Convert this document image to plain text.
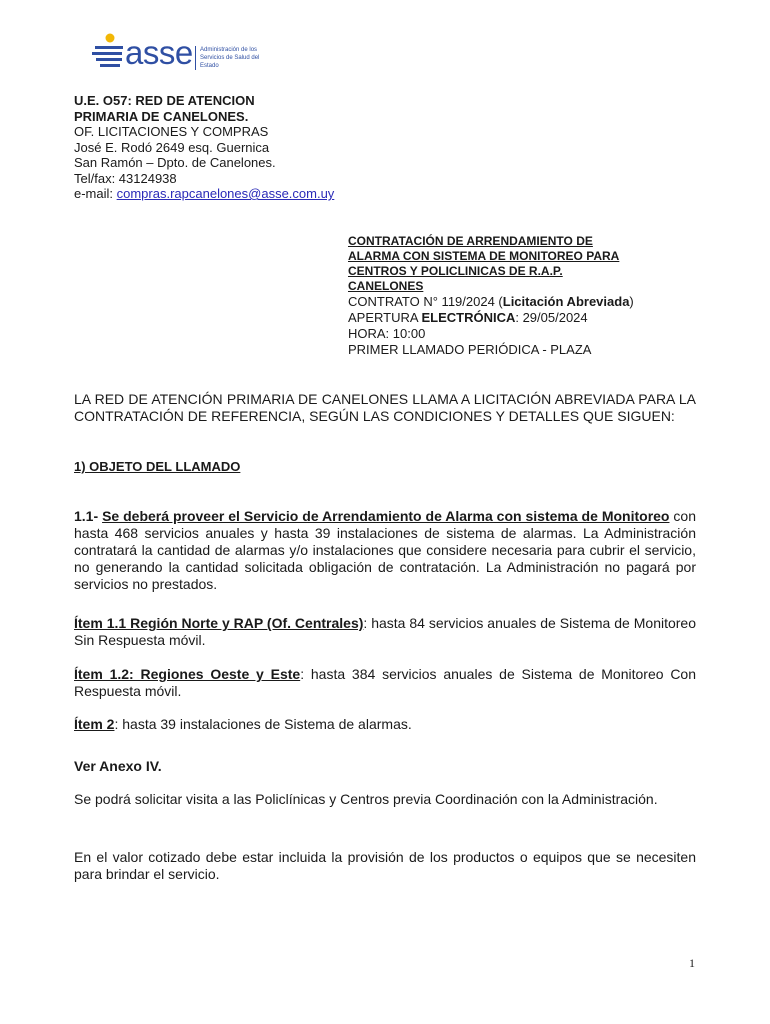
asse Administración de los
Servicios de Salud del Estado
U.E. O57: RED DE ATENCION
PRIMARIA DE CANELONES.
OF. LICITACIONES Y COMPRAS
José E. Rodó 2649 esq. Guernica
San Ramón – Dpto. de Canelones.
Tel/fax: 43124938
e-mail: compras.rapcanelones@asse.com.uy
CONTRATACIÓN DE ARRENDAMIENTO DE
ALARMA CON SISTEMA DE MONITOREO PARA
CENTROS Y POLICLINICAS DE R.A.P.
CANELONES
CONTRATO N° 119/2024 (Licitación Abreviada)
APERTURA ELECTRÓNICA: 29/05/2024
HORA: 10:00
PRIMER LLAMADO PERIÓDICA - PLAZA
LA RED DE ATENCIÓN PRIMARIA DE CANELONES LLAMA A LICITACIÓN ABREVIADA PARA LA CONTRATACIÓN DE REFERENCIA, SEGÚN LAS CONDICIONES Y DETALLES QUE SIGUEN:
1) OBJETO DEL LLAMADO
1.1- Se deberá proveer el Servicio de Arrendamiento de Alarma con sistema de Monitoreo con hasta 468 servicios anuales y hasta 39 instalaciones de sistema de alarmas. La Administración contratará la cantidad de alarmas y/o instalaciones que considere necesaria para cubrir el servicio, no generando la cantidad solicitada obligación de contratación. La Administración no pagará por servicios no prestados.
Ítem 1.1 Región Norte y RAP (Of. Centrales): hasta 84 servicios anuales de Sistema de Monitoreo Sin Respuesta móvil.
Ítem 1.2: Regiones Oeste y Este: hasta 384 servicios anuales de Sistema de Monitoreo Con Respuesta móvil.
Ítem 2: hasta 39 instalaciones de Sistema de alarmas.
Ver Anexo IV.
Se podrá solicitar visita a las Policlínicas y Centros previa Coordinación con la Administración.
En el valor cotizado debe estar incluida la provisión de los productos o equipos que se necesiten para brindar el servicio.
1
